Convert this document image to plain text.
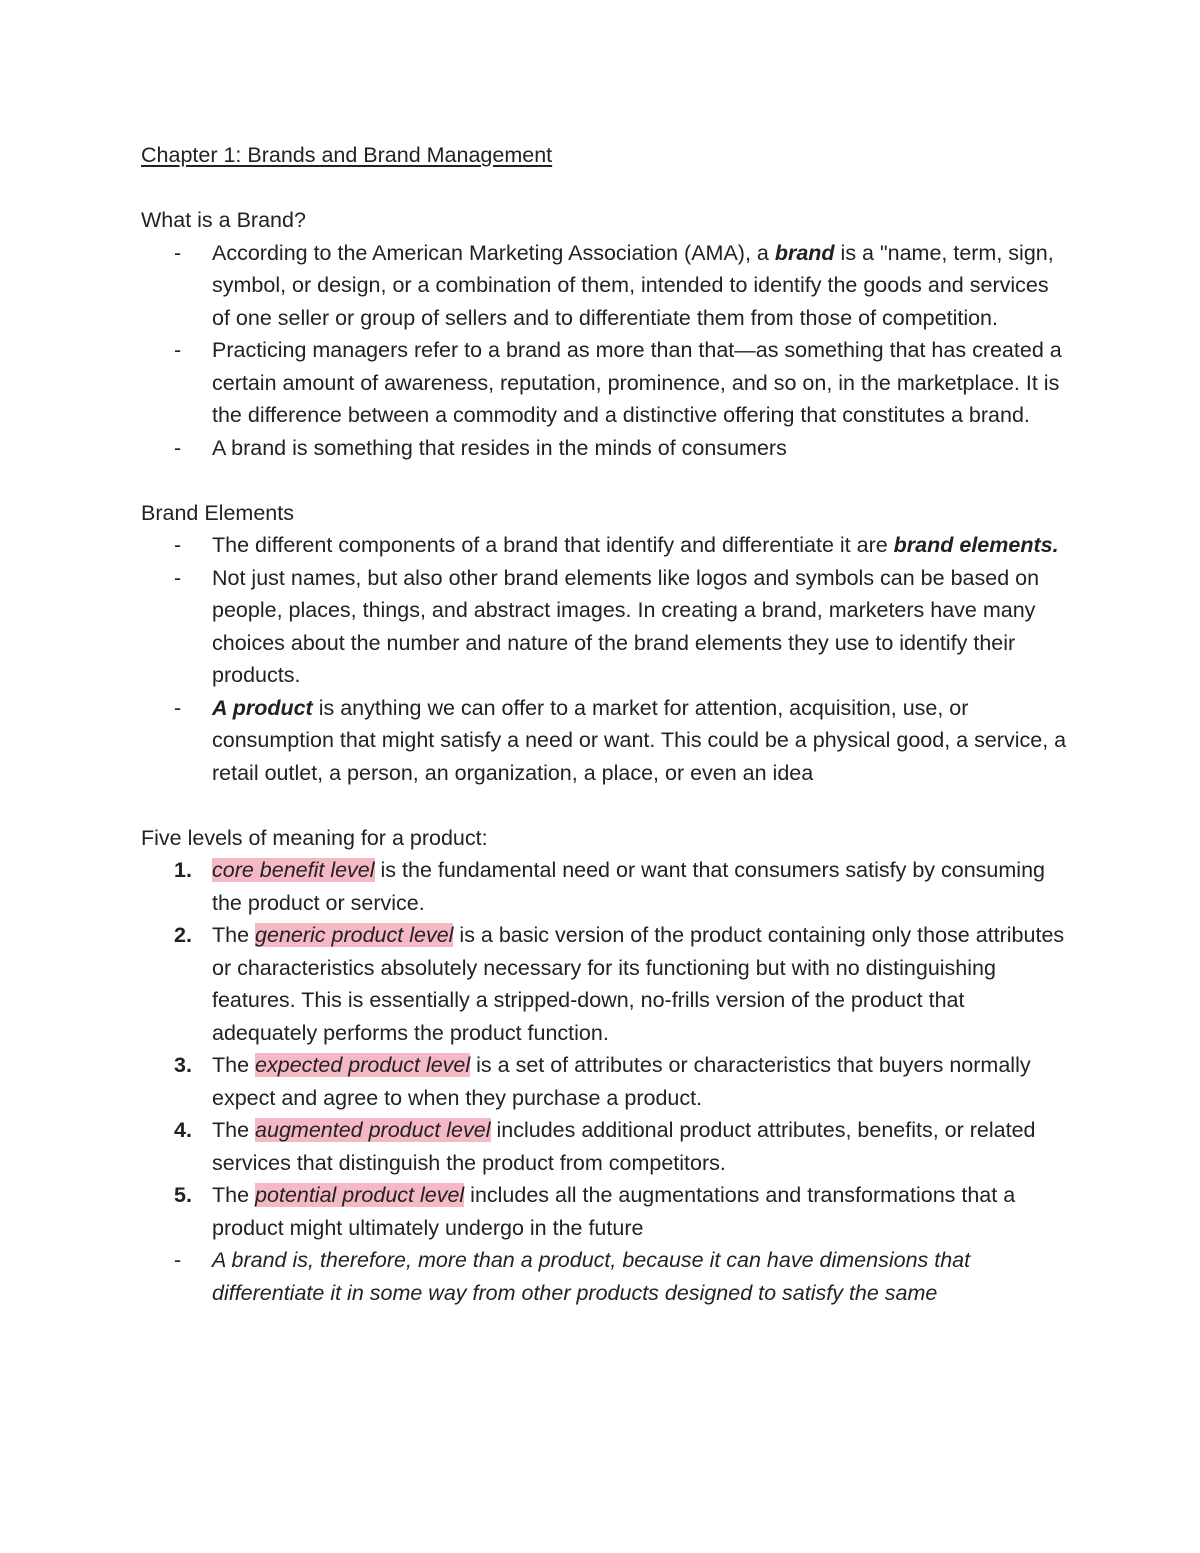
Chapter 1: Brands and Brand Management

What is a Brand?

- According to the American Marketing Association (AMA), a brand is a "name, term, sign, symbol, or design, or a combination of them, intended to identify the goods and services of one seller or group of sellers and to differentiate them from those of competition.
- Practicing managers refer to a brand as more than that—as something that has created a certain amount of awareness, reputation, prominence, and so on, in the marketplace. It is the difference between a commodity and a distinctive offering that constitutes a brand.
- A brand is something that resides in the minds of consumers

Brand Elements

- The different components of a brand that identify and differentiate it are brand elements.
- Not just names, but also other brand elements like logos and symbols can be based on people, places, things, and abstract images. In creating a brand, marketers have many choices about the number and nature of the brand elements they use to identify their products.
- A product is anything we can offer to a market for attention, acquisition, use, or consumption that might satisfy a need or want. This could be a physical good, a service, a retail outlet, a person, an organization, a place, or even an idea

Five levels of meaning for a product:

1. core benefit level is the fundamental need or want that consumers satisfy by consuming the product or service.
2. The generic product level is a basic version of the product containing only those attributes or characteristics absolutely necessary for its functioning but with no distinguishing features. This is essentially a stripped-down, no-frills version of the product that adequately performs the product function.
3. The expected product level is a set of attributes or characteristics that buyers normally expect and agree to when they purchase a product.
4. The augmented product level includes additional product attributes, benefits, or related services that distinguish the product from competitors.
5. The potential product level includes all the augmentations and transformations that a product might ultimately undergo in the future
- A brand is, therefore, more than a product, because it can have dimensions that differentiate it in some way from other products designed to satisfy the same
